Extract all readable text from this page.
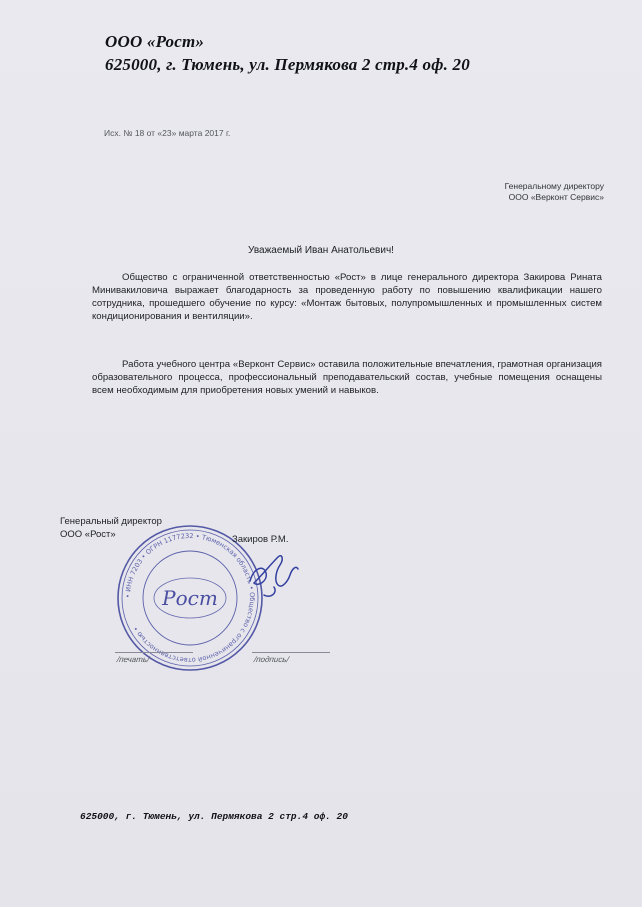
ООО «Рост»
625000, г. Тюмень, ул. Пермякова 2 стр.4 оф. 20
Исх. № 18 от «23» марта 2017 г.
Генеральному директору
ООО «Верконт Сервис»
Уважаемый Иван Анатольевич!
Общество с ограниченной ответственностью «Рост» в лице генерального директора Закирова Рината Минивакиловича выражает благодарность за проведенную работу по повышению квалификации нашего сотрудника, прошедшего обучение по курсу: «Монтаж бытовых, полупромышленных и промышленных систем кондиционирования и вентиляции».
Работа учебного центра «Верконт Сервис» оставила положительные впечатления, грамотная организация образовательного процесса, профессиональный преподавательский состав, учебные помещения оснащены всем необходимым для приобретения новых умений и навыков.
Генеральный директор
ООО «Рост»
• ИНН 7203 • ОГРН 1177232 • Тюменская область • Общество с ограниченной ответственностью •
Рост
Закиров Р.М.
/печать/	/подпись/
625000, г. Тюмень, ул. Пермякова 2 стр.4 оф. 20
